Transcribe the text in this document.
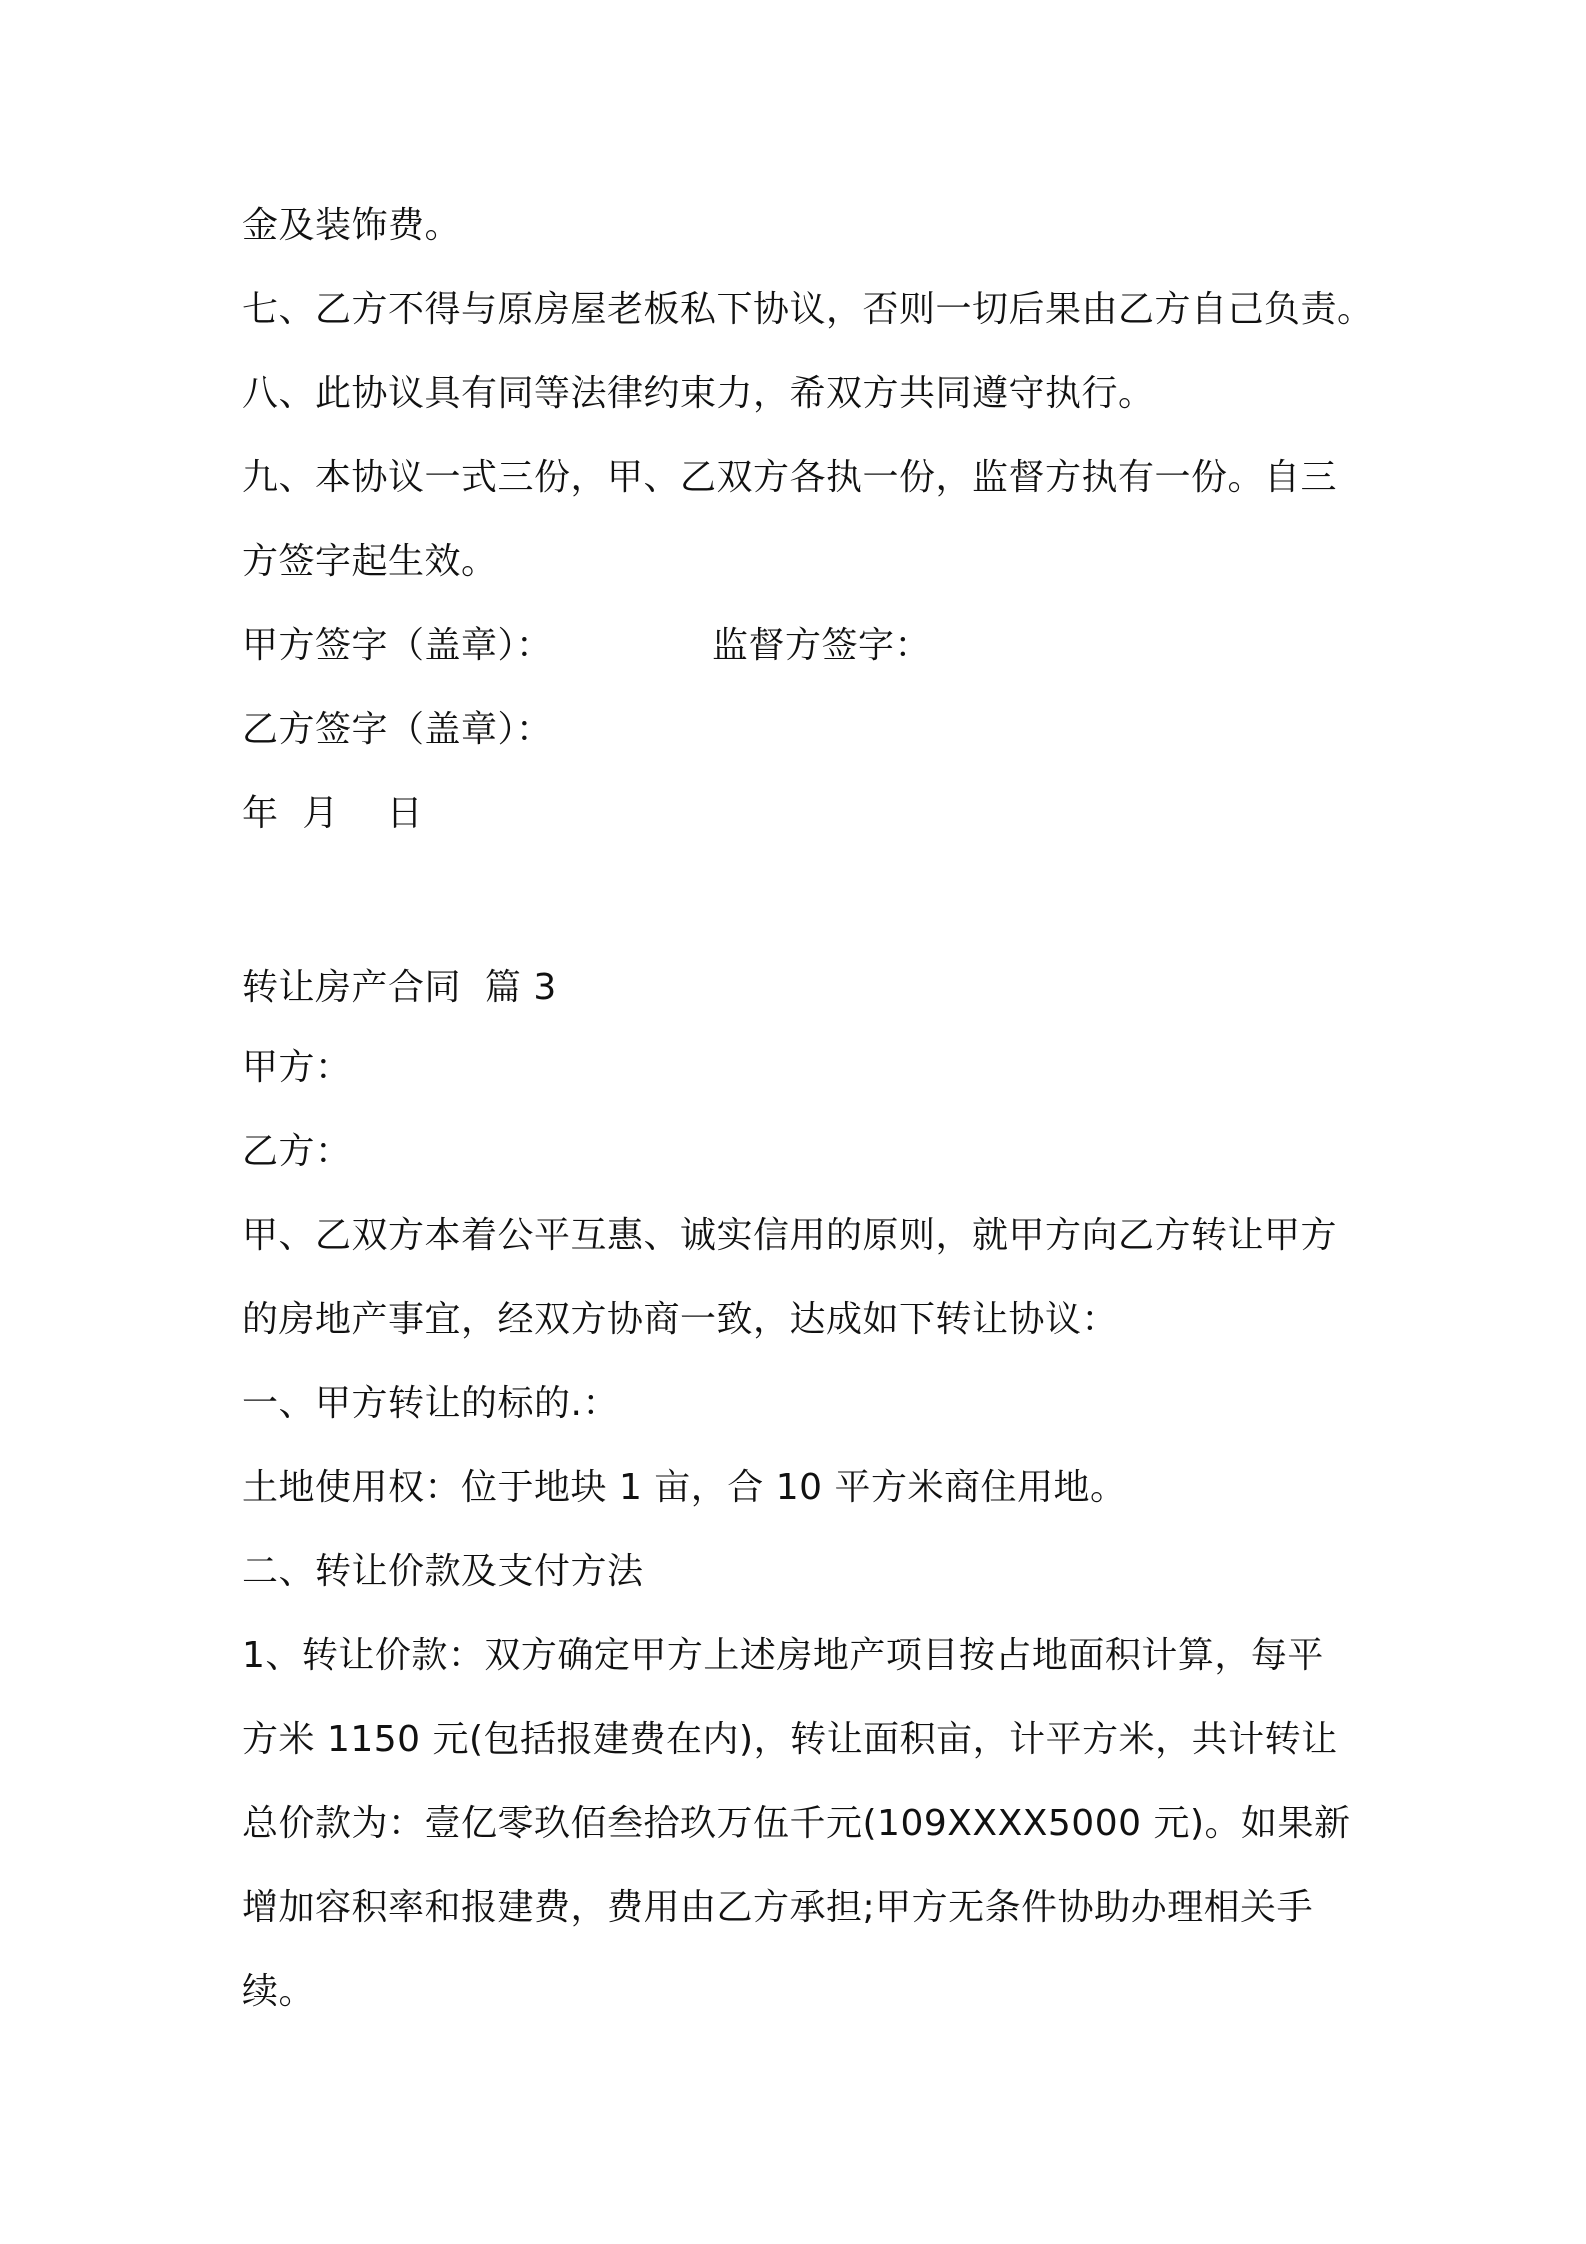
金及装饰费。
七、乙方不得与原房屋老板私下协议，否则一切后果由乙方自己负责。
八、此协议具有同等法律约束力，希双方共同遵守执行。
九、本协议一式三份，甲、乙双方各执一份，监督方执有一份。自三
方签字起生效。
甲方签字（盖章）：	监督方签字：
乙方签字（盖章）：
年  月    日
转让房产合同  篇 3
甲方：
乙方：
甲、乙双方本着公平互惠、诚实信用的原则，就甲方向乙方转让甲方
的房地产事宜，经双方协商一致，达成如下转让协议：
一、甲方转让的标的.：
土地使用权：位于地块 1 亩，合 10 平方米商住用地。
二、转让价款及支付方法
1、转让价款：双方确定甲方上述房地产项目按占地面积计算，每平
方米 1150 元(包括报建费在内)，转让面积亩，计平方米，共计转让
总价款为：壹亿零玖佰叁拾玖万伍千元(109XXXX5000 元)。如果新
增加容积率和报建费，费用由乙方承担;甲方无条件协助办理相关手
续。
